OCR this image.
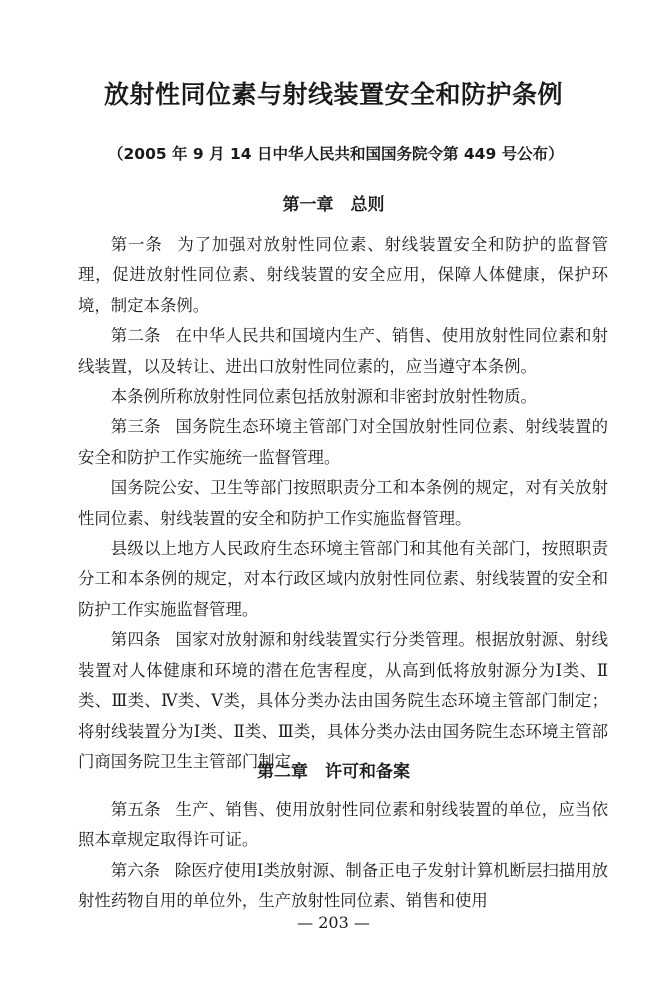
放射性同位素与射线装置安全和防护条例

（2005 年 9 月 14 日中华人民共和国国务院令第 449 号公布）

第一章　总则

第一条 为了加强对放射性同位素、射线装置安全和防护的监督管理，促进放射性同位素、射线装置的安全应用，保障人体健康，保护环境，制定本条例。

第二条 在中华人民共和国境内生产、销售、使用放射性同位素和射线装置，以及转让、进出口放射性同位素的，应当遵守本条例。

本条例所称放射性同位素包括放射源和非密封放射性物质。

第三条 国务院生态环境主管部门对全国放射性同位素、射线装置的安全和防护工作实施统一监督管理。

国务院公安、卫生等部门按照职责分工和本条例的规定，对有关放射性同位素、射线装置的安全和防护工作实施监督管理。

县级以上地方人民政府生态环境主管部门和其他有关部门，按照职责分工和本条例的规定，对本行政区域内放射性同位素、射线装置的安全和防护工作实施监督管理。

第四条 国家对放射源和射线装置实行分类管理。根据放射源、射线装置对人体健康和环境的潜在危害程度，从高到低将放射源分为Ⅰ类、Ⅱ类、Ⅲ类、Ⅳ类、Ⅴ类，具体分类办法由国务院生态环境主管部门制定；将射线装置分为Ⅰ类、Ⅱ类、Ⅲ类，具体分类办法由国务院生态环境主管部门商国务院卫生主管部门制定。

第二章　许可和备案

第五条 生产、销售、使用放射性同位素和射线装置的单位，应当依照本章规定取得许可证。

第六条 除医疗使用Ⅰ类放射源、制备正电子发射计算机断层扫描用放射性药物自用的单位外，生产放射性同位素、销售和使用

— 203 —
